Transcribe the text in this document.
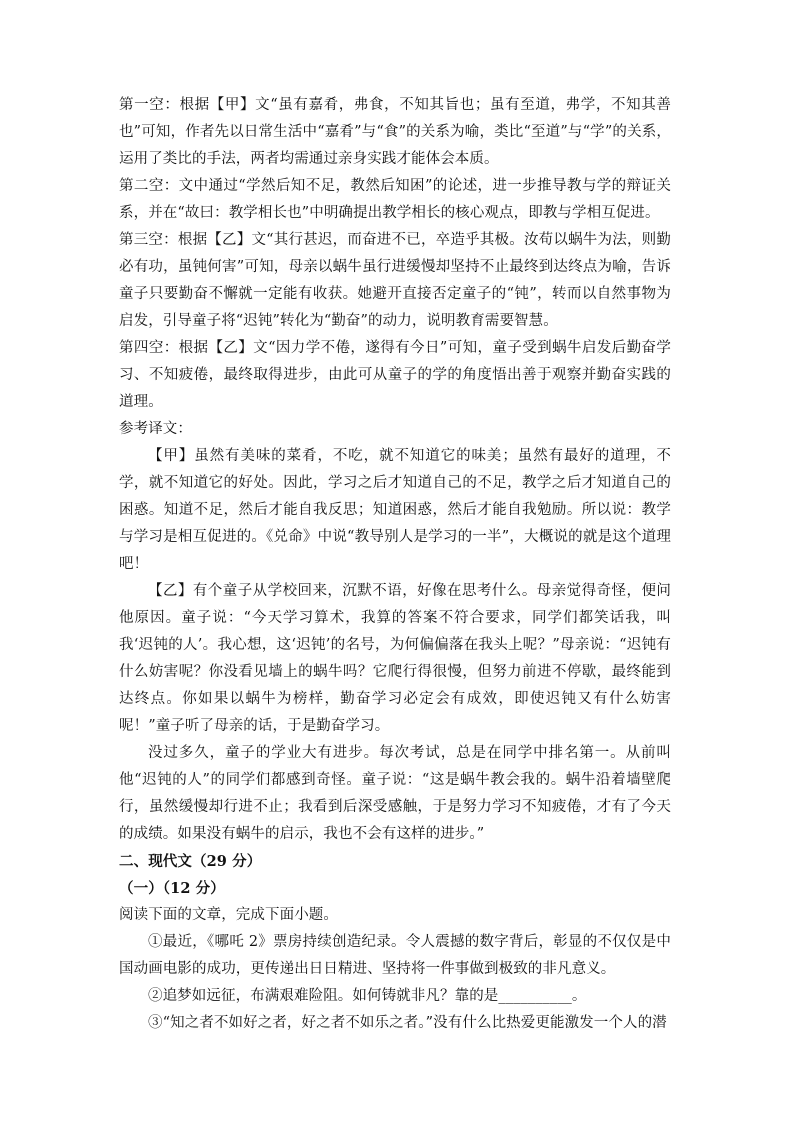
第一空：根据【甲】文“虽有嘉肴，弗食，不知其旨也；虽有至道，弗学，不知其善也”可知，作者先以日常生活中“嘉肴”与“食”的关系为喻，类比“至道”与“学”的关系，运用了类比的手法，两者均需通过亲身实践才能体会本质。

第二空：文中通过“学然后知不足，教然后知困”的论述，进一步推导教与学的辩证关系，并在“故曰：教学相长也”中明确提出教学相长的核心观点，即教与学相互促进。

第三空：根据【乙】文“其行甚迟，而奋进不已，卒造乎其极。汝苟以蜗牛为法，则勤必有功，虽钝何害”可知，母亲以蜗牛虽行进缓慢却坚持不止最终到达终点为喻，告诉童子只要勤奋不懈就一定能有收获。她避开直接否定童子的“钝”，转而以自然事物为启发，引导童子将“迟钝”转化为“勤奋”的动力，说明教育需要智慧。

第四空：根据【乙】文“因力学不倦，遂得有今日”可知，童子受到蜗牛启发后勤奋学习、不知疲倦，最终取得进步，由此可从童子的学的角度悟出善于观察并勤奋实践的道理。

参考译文：

【甲】虽然有美味的菜肴，不吃，就不知道它的味美；虽然有最好的道理，不学，就不知道它的好处。因此，学习之后才知道自己的不足，教学之后才知道自己的困惑。知道不足，然后才能自我反思；知道困惑，然后才能自我勉励。所以说：教学与学习是相互促进的。《兑命》中说“教导别人是学习的一半”，大概说的就是这个道理吧！

【乙】有个童子从学校回来，沉默不语，好像在思考什么。母亲觉得奇怪，便问他原因。童子说：“今天学习算术，我算的答案不符合要求，同学们都笑话我，叫我‘迟钝的人’。我心想，这‘迟钝’的名号，为何偏偏落在我头上呢？”母亲说：“迟钝有什么妨害呢？你没看见墙上的蜗牛吗？它爬行得很慢，但努力前进不停歇，最终能到达终点。你如果以蜗牛为榜样，勤奋学习必定会有成效，即使迟钝又有什么妨害呢！”童子听了母亲的话，于是勤奋学习。

没过多久，童子的学业大有进步。每次考试，总是在同学中排名第一。从前叫他“迟钝的人”的同学们都感到奇怪。童子说：“这是蜗牛教会我的。蜗牛沿着墙壁爬行，虽然缓慢却行进不止；我看到后深受感触，于是努力学习不知疲倦，才有了今天的成绩。如果没有蜗牛的启示，我也不会有这样的进步。”

二、现代文（29 分）

（一）（12 分）

阅读下面的文章，完成下面小题。

①最近，《哪吒 2》票房持续创造纪录。令人震撼的数字背后，彰显的不仅仅是中国动画电影的成功，更传递出日日精进、坚持将一件事做到极致的非凡意义。

②追梦如远征，布满艰难险阻。如何铸就非凡？靠的是__________。

③“知之者不如好之者，好之者不如乐之者。”没有什么比热爱更能激发一个人的潜
